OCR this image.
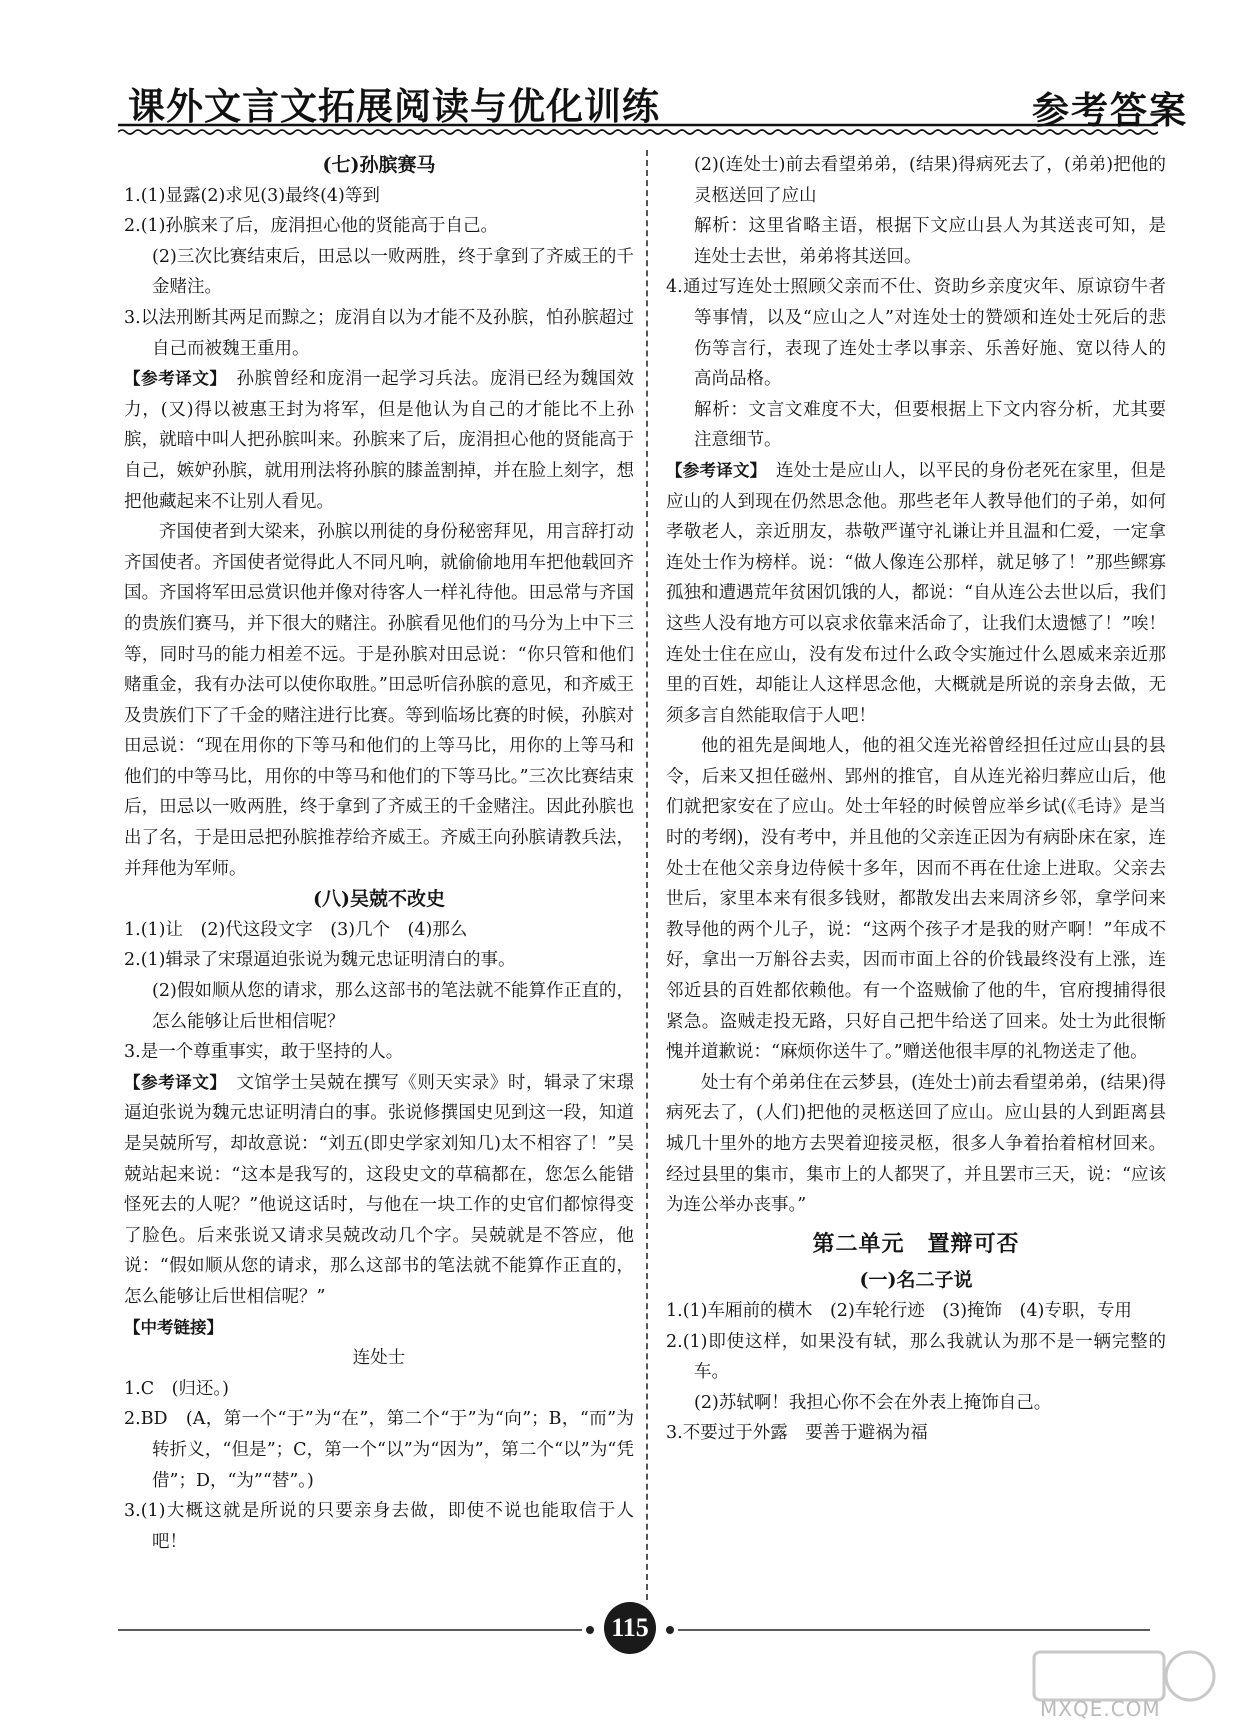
课外文言文拓展阅读与优化训练	参考答案

(七)孙膑赛马

1.(1)显露(2)求见(3)最终(4)等到

2.(1)孙膑来了后，庞涓担心他的贤能高于自己。

(2)三次比赛结束后，田忌以一败两胜，终于拿到了齐威王的千金赌注。

3.以法刑断其两足而黥之；庞涓自以为才能不及孙膑，怕孙膑超过自己而被魏王重用。

【参考译文】　 孙膑曾经和庞涓一起学习兵法。庞涓已经为魏国效力，(又)得以被惠王封为将军，但是他认为自己的才能比不上孙膑，就暗中叫人把孙膑叫来。孙膑来了后，庞涓担心他的贤能高于自己，嫉妒孙膑，就用刑法将孙膑的膝盖割掉，并在脸上刻字，想把他藏起来不让别人看见。

齐国使者到大梁来，孙膑以刑徒的身份秘密拜见，用言辞打动齐国使者。齐国使者觉得此人不同凡响，就偷偷地用车把他载回齐国。齐国将军田忌赏识他并像对待客人一样礼待他。田忌常与齐国的贵族们赛马，并下很大的赌注。孙膑看见他们的马分为上中下三等，同时马的能力相差不远。于是孙膑对田忌说：“你只管和他们赌重金，我有办法可以使你取胜。”田忌听信孙膑的意见，和齐威王及贵族们下了千金的赌注进行比赛。等到临场比赛的时候，孙膑对田忌说：“现在用你的下等马和他们的上等马比，用你的上等马和他们的中等马比，用你的中等马和他们的下等马比。”三次比赛结束后，田忌以一败两胜，终于拿到了齐威王的千金赌注。因此孙膑也出了名，于是田忌把孙膑推荐给齐威王。齐威王向孙膑请教兵法，并拜他为军师。

(八)吴兢不改史

1.(1)让　(2)代这段文字　(3)几个　(4)那么

2.(1)辑录了宋璟逼迫张说为魏元忠证明清白的事。

(2)假如顺从您的请求，那么这部书的笔法就不能算作正直的，怎么能够让后世相信呢？

3.是一个尊重事实，敢于坚持的人。

【参考译文】　 文馆学士吴兢在撰写《则天实录》时，辑录了宋璟逼迫张说为魏元忠证明清白的事。张说修撰国史见到这一段，知道是吴兢所写，却故意说：“刘五(即史学家刘知几)太不相容了！”吴兢站起来说：“这本是我写的，这段史文的草稿都在，您怎么能错怪死去的人呢？”他说这话时，与他在一块工作的史官们都惊得变了脸色。后来张说又请求吴兢改动几个字。吴兢就是不答应，他说：“假如顺从您的请求，那么这部书的笔法就不能算作正直的，怎么能够让后世相信呢？”

【中考链接】

连处士

1.C　(归还。)

2.BD　(A，第一个“于”为“在”，第二个“于”为“向”；B，“而”为转折义，“但是”；C，第一个“以”为“因为”，第二个“以”为“凭借”；D，“为”“替”。)

3.(1)大概这就是所说的只要亲身去做，即使不说也能取信于人吧！

(2)(连处士)前去看望弟弟，(结果)得病死去了，(弟弟)把他的灵柩送回了应山

解析：这里省略主语，根据下文应山县人为其送丧可知，是连处士去世，弟弟将其送回。

4.通过写连处士照顾父亲而不仕、资助乡亲度灾年、原谅窃牛者等事情，以及“应山之人”对连处士的赞颂和连处士死后的悲伤等言行，表现了连处士孝以事亲、乐善好施、宽以待人的高尚品格。

解析：文言文难度不大，但要根据上下文内容分析，尤其要注意细节。

【参考译文】　 连处士是应山人，以平民的身份老死在家里，但是应山的人到现在仍然思念他。那些老年人教导他们的子弟，如何孝敬老人，亲近朋友，恭敬严谨守礼谦让并且温和仁爱，一定拿连处士作为榜样。说：“做人像连公那样，就足够了！”那些鳏寡孤独和遭遇荒年贫困饥饿的人，都说：“自从连公去世以后，我们这些人没有地方可以哀求依靠来活命了，让我们太遗憾了！”唉！连处士住在应山，没有发布过什么政令实施过什么恩威来亲近那里的百姓，却能让人这样思念他，大概就是所说的亲身去做，无须多言自然能取信于人吧！

他的祖先是闽地人，他的祖父连光裕曾经担任过应山县的县令，后来又担任磁州、郢州的推官，自从连光裕归葬应山后，他们就把家安在了应山。处士年轻的时候曾应举乡试(《毛诗》是当时的考纲)，没有考中，并且他的父亲连正因为有病卧床在家，连处士在他父亲身边侍候十多年，因而不再在仕途上进取。父亲去世后，家里本来有很多钱财，都散发出去来周济乡邻，拿学问来教导他的两个儿子，说：“这两个孩子才是我的财产啊！”年成不好，拿出一万斛谷去卖，因而市面上谷的价钱最终没有上涨，连邻近县的百姓都依赖他。有一个盗贼偷了他的牛，官府搜捕得很紧急。盗贼走投无路，只好自己把牛给送了回来。处士为此很惭愧并道歉说：“麻烦你送牛了。”赠送他很丰厚的礼物送走了他。

处士有个弟弟住在云梦县，(连处士)前去看望弟弟，(结果)得病死去了，(人们)把他的灵柩送回了应山。应山县的人到距离县城几十里外的地方去哭着迎接灵柩，很多人争着抬着棺材回来。经过县里的集市，集市上的人都哭了，并且罢市三天，说：“应该为连公举办丧事。”

第二单元　置辩可否

(一)名二子说

1.(1)车厢前的横木　(2)车轮行迹　(3)掩饰　(4)专职，专用

2.(1)即使这样，如果没有轼，那么我就认为那不是一辆完整的车。

(2)苏轼啊！我担心你不会在外表上掩饰自己。

3.不要过于外露　要善于避祸为福

115
MXQE.COM
